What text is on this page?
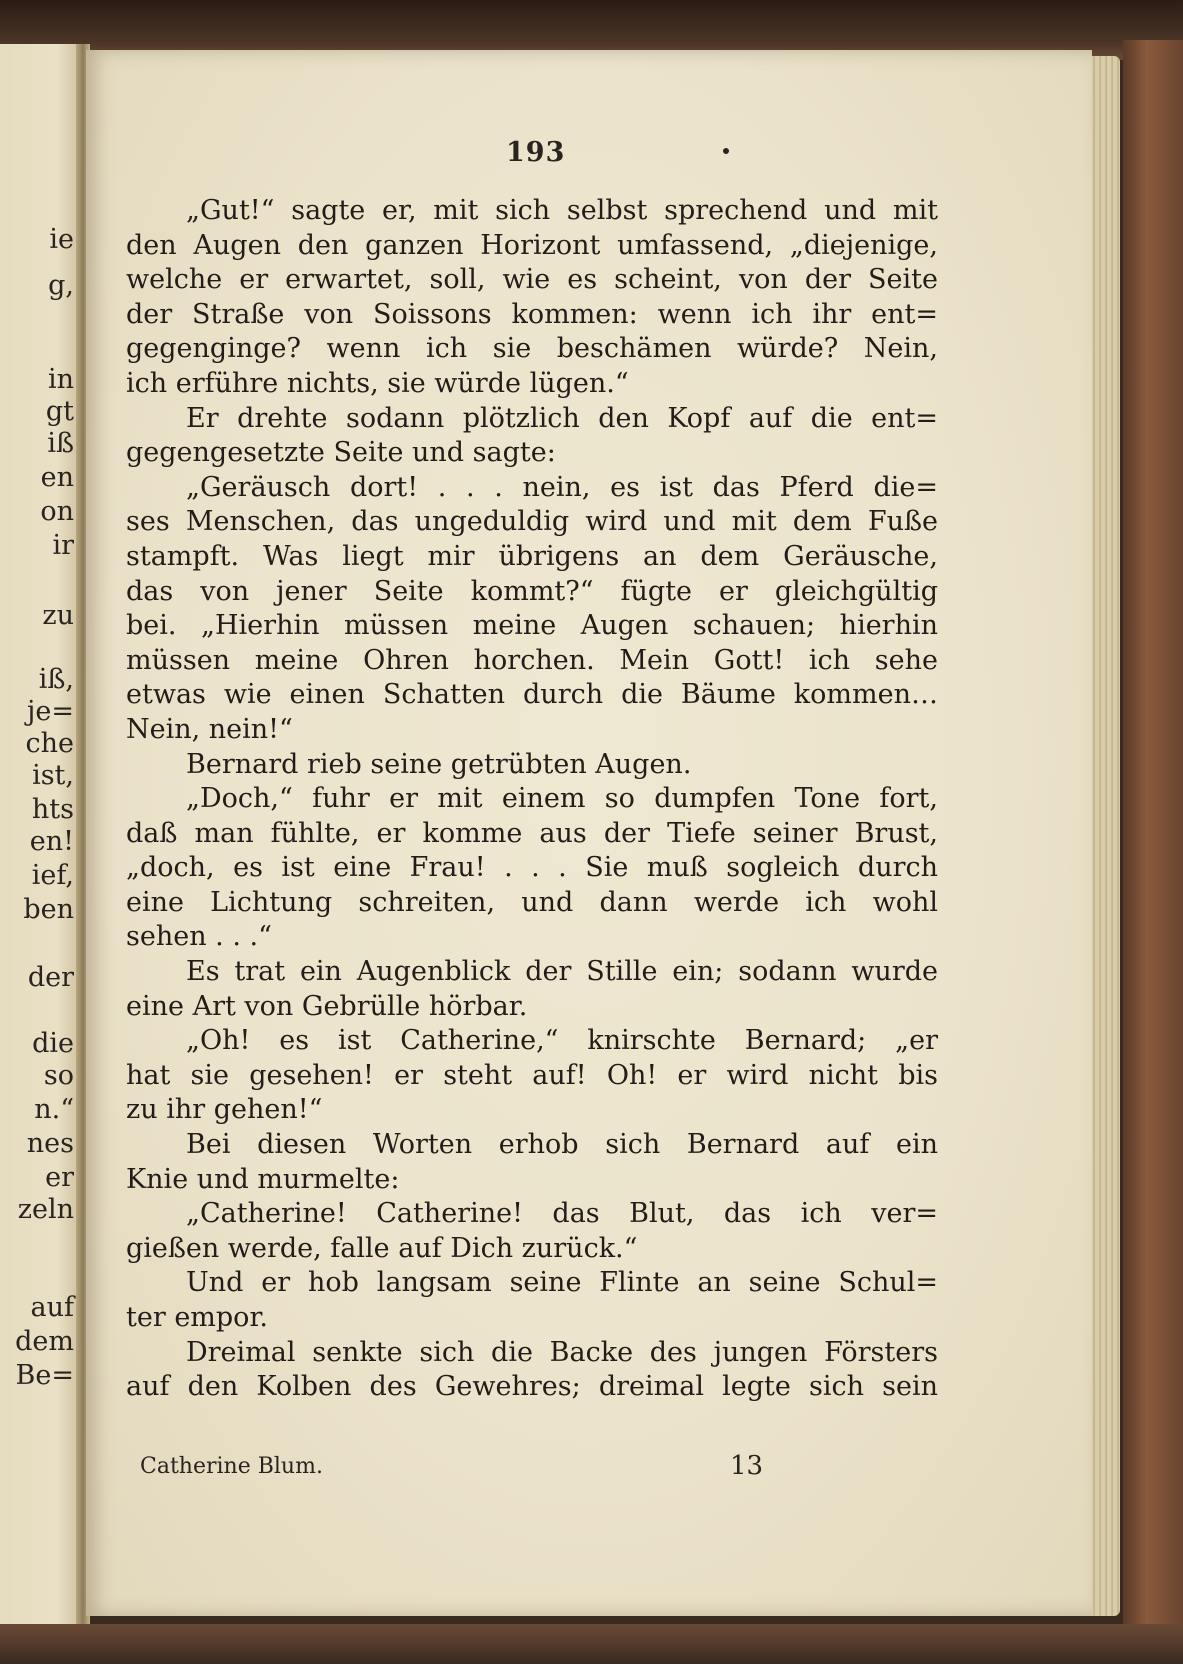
ie
g,
in
gt
iß
en
on
ir
zu
iß,
je=
che
ist,
hts
en!
ief,
ben
der
die
so
n.“
nes
er
zeln
auf
dem
Be=
193
„Gut!“ sagte er, mit sich selbst sprechend und mit
den Augen den ganzen Horizont umfassend, „diejenige,
welche er erwartet, soll, wie es scheint, von der Seite
der Straße von Soissons kommen: wenn ich ihr ent=
gegenginge? wenn ich sie beschämen würde? Nein,
ich erführe nichts, sie würde lügen.“
Er drehte sodann plötzlich den Kopf auf die ent=
gegengesetzte Seite und sagte:
„Geräusch dort! . . . nein, es ist das Pferd die=
ses Menschen, das ungeduldig wird und mit dem Fuße
stampft. Was liegt mir übrigens an dem Geräusche,
das von jener Seite kommt?“ fügte er gleichgültig
bei. „Hierhin müssen meine Augen schauen; hierhin
müssen meine Ohren horchen. Mein Gott! ich sehe
etwas wie einen Schatten durch die Bäume kommen…
Nein, nein!“
Bernard rieb seine getrübten Augen.
„Doch,“ fuhr er mit einem so dumpfen Tone fort,
daß man fühlte, er komme aus der Tiefe seiner Brust,
„doch, es ist eine Frau! . . . Sie muß sogleich durch
eine Lichtung schreiten, und dann werde ich wohl
sehen . . .“
Es trat ein Augenblick der Stille ein; sodann wurde
eine Art von Gebrülle hörbar.
„Oh! es ist Catherine,“ knirschte Bernard; „er
hat sie gesehen! er steht auf! Oh! er wird nicht bis
zu ihr gehen!“
Bei diesen Worten erhob sich Bernard auf ein
Knie und murmelte:
„Catherine! Catherine! das Blut, das ich ver=
gießen werde, falle auf Dich zurück.“
Und er hob langsam seine Flinte an seine Schul=
ter empor.
Dreimal senkte sich die Backe des jungen Försters
auf den Kolben des Gewehres; dreimal legte sich sein
Catherine Blum.	13
